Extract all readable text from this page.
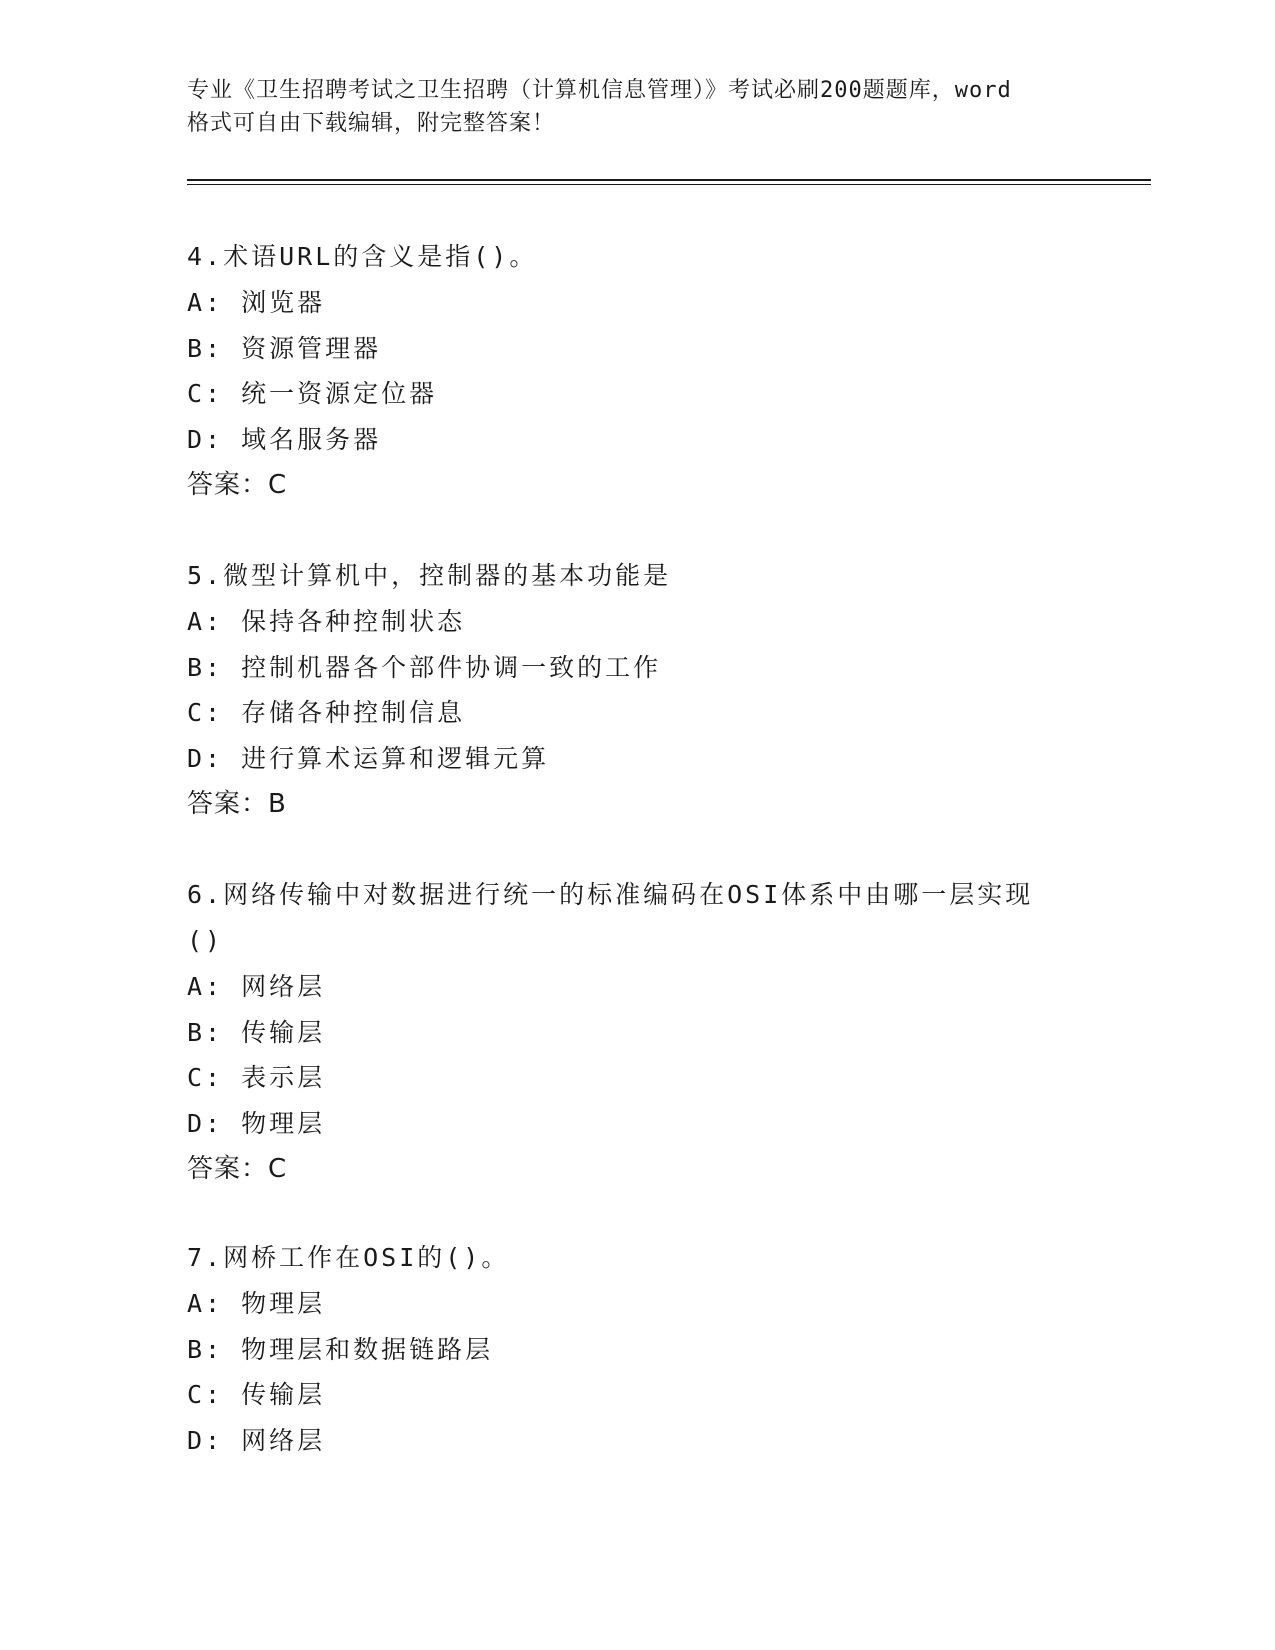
专业《卫生招聘考试之卫生招聘（计算机信息管理）》考试必刷200题题库，word
格式可自由下载编辑，附完整答案！
4.术语URL的含义是指()。
A: 浏览器
B: 资源管理器
C: 统一资源定位器
D: 域名服务器
答案：C
5.微型计算机中，控制器的基本功能是
A: 保持各种控制状态
B: 控制机器各个部件协调一致的工作
C: 存储各种控制信息
D: 进行算术运算和逻辑元算
答案：B
6.网络传输中对数据进行统一的标准编码在OSI体系中由哪一层实现
()
A: 网络层
B: 传输层
C: 表示层
D: 物理层
答案：C
7.网桥工作在OSI的()。
A: 物理层
B: 物理层和数据链路层
C: 传输层
D: 网络层
